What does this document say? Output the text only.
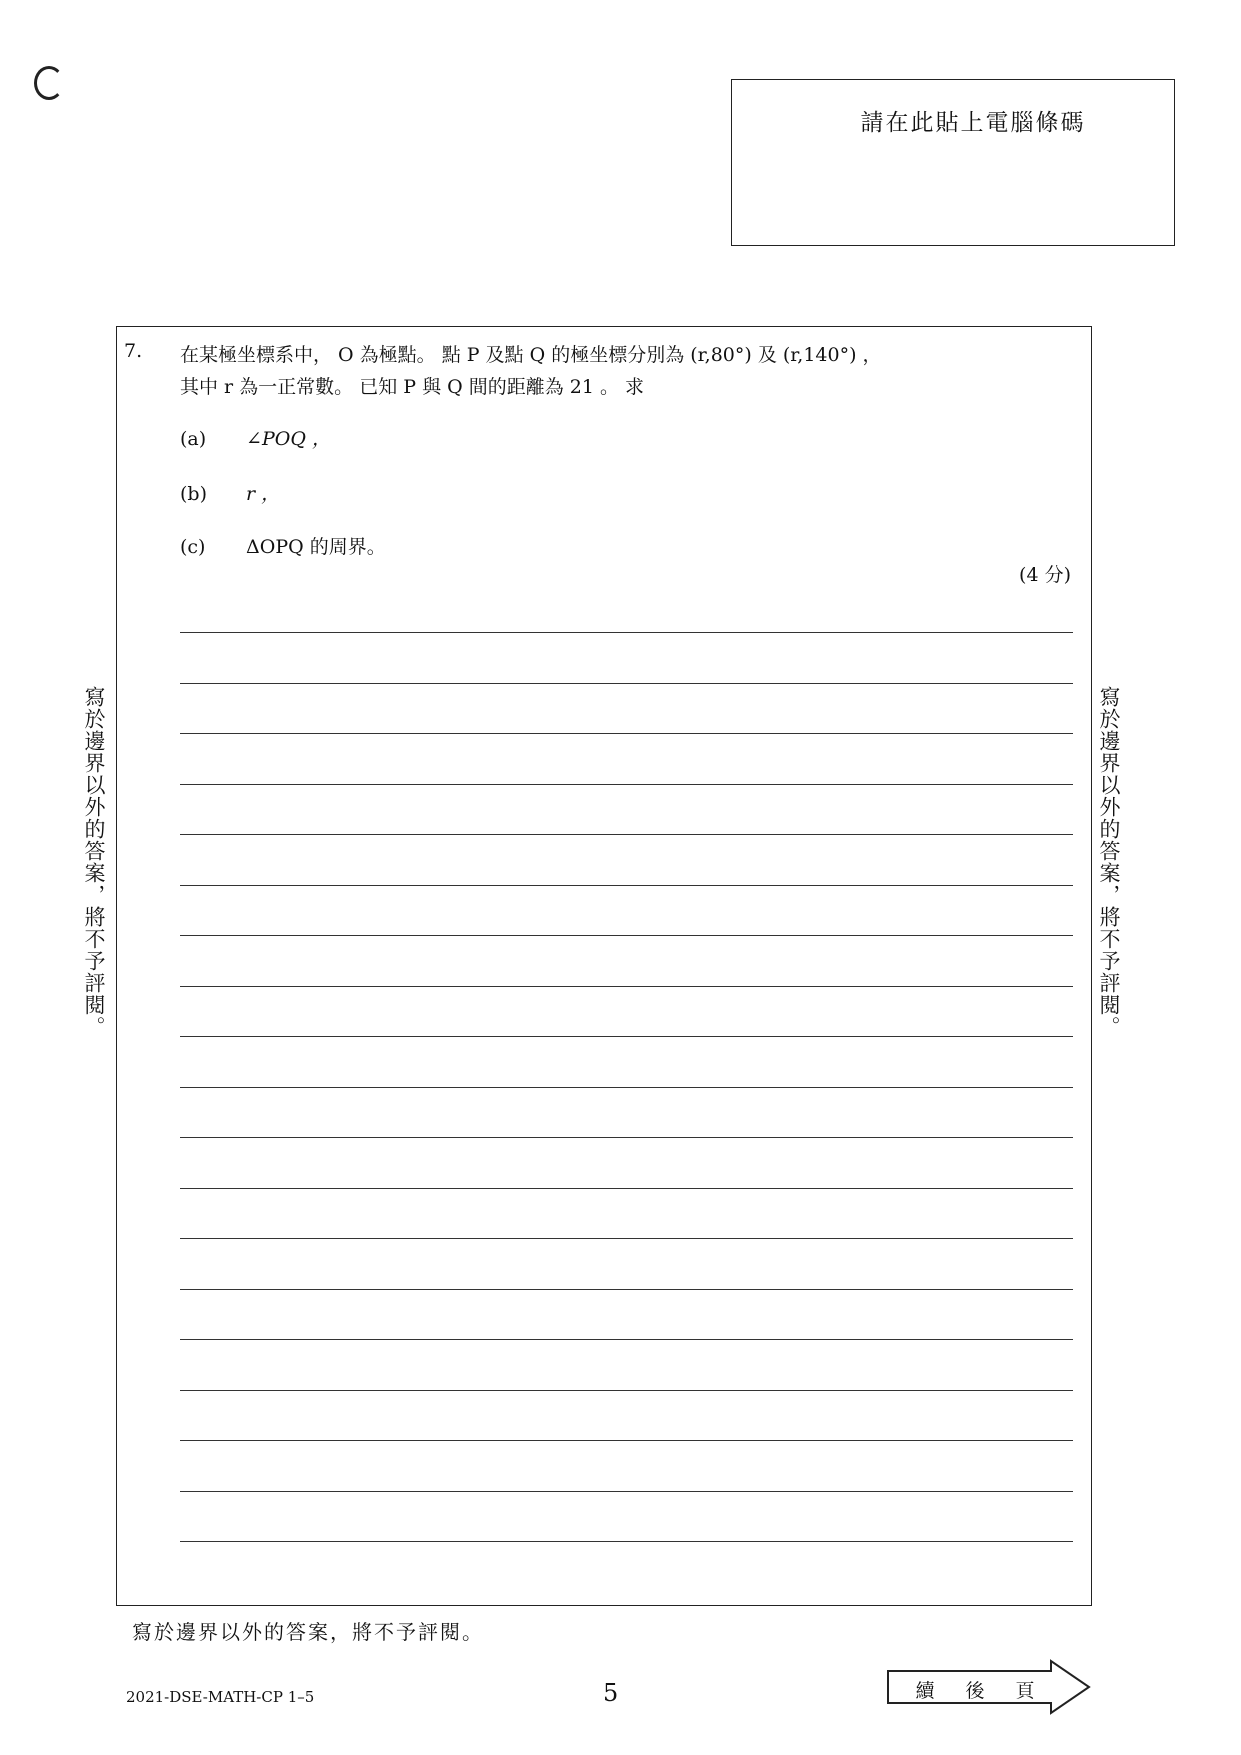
請在此貼上電腦條碼
7. 在某極坐標系中， O 為極點。 點 P 及點 Q 的極坐標分別為 (r,80°) 及 (r,140°) ，
其中 r 為一正常數。 已知 P 與 Q 間的距離為 21 。 求
(a) ∠POQ ，
(b) r ，
(c) ΔOPQ 的周界。
(4 分)
寫於邊界以外的答案，將不予評閱。	寫於邊界以外的答案，將不予評閱。
寫於邊界以外的答案，將不予評閱。
2021-DSE-MATH-CP 1–5	5	續 後 頁
